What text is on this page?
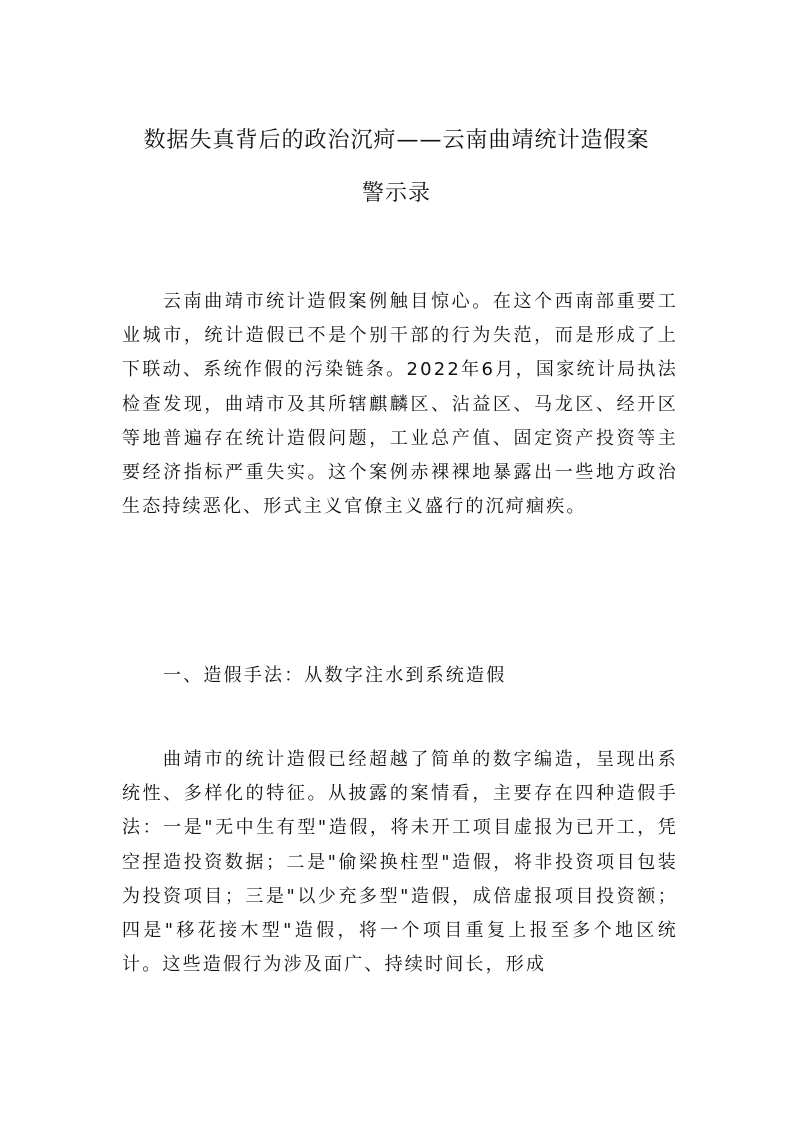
数据失真背后的政治沉疴——云南曲靖统计造假案
警示录

云南曲靖市统计造假案例触目惊心。在这个西南部重要工业城市，统计造假已不是个别干部的行为失范，而是形成了上下联动、系统作假的污染链条。2022年6月，国家统计局执法检查发现，曲靖市及其所辖麒麟区、沾益区、马龙区、经开区等地普遍存在统计造假问题，工业总产值、固定资产投资等主要经济指标严重失实。这个案例赤裸裸地暴露出一些地方政治生态持续恶化、形式主义官僚主义盛行的沉疴痼疾。

一、造假手法：从数字注水到系统造假

曲靖市的统计造假已经超越了简单的数字编造，呈现出系统性、多样化的特征。从披露的案情看，主要存在四种造假手法：一是"无中生有型"造假，将未开工项目虚报为已开工，凭空捏造投资数据；二是"偷梁换柱型"造假，将非投资项目包装为投资项目；三是"以少充多型"造假，成倍虚报项目投资额；四是"移花接木型"造假，将一个项目重复上报至多个地区统计。这些造假行为涉及面广、持续时间长，形成
